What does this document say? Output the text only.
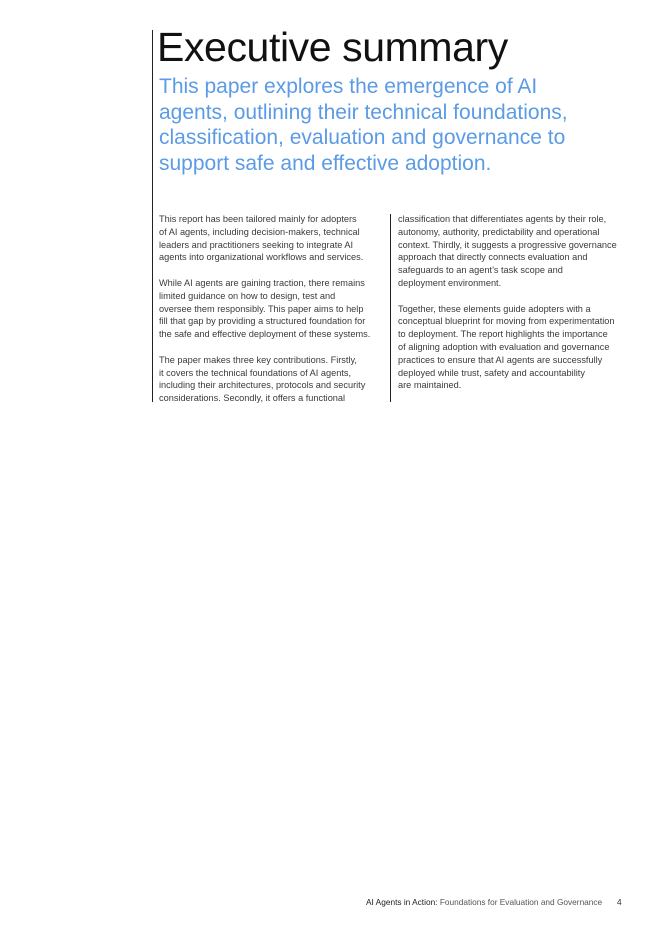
Executive summary
This paper explores the emergence of AI
agents, outlining their technical foundations,
classification, evaluation and governance to
support safe and effective adoption.

This report has been tailored mainly for adopters
of AI agents, including decision-makers, technical
leaders and practitioners seeking to integrate AI
agents into organizational workflows and services.

While AI agents are gaining traction, there remains
limited guidance on how to design, test and
oversee them responsibly. This paper aims to help
fill that gap by providing a structured foundation for
the safe and effective deployment of these systems.

The paper makes three key contributions. Firstly,
it covers the technical foundations of AI agents,
including their architectures, protocols and security
considerations. Secondly, it offers a functional

classification that differentiates agents by their role,
autonomy, authority, predictability and operational
context. Thirdly, it suggests a progressive governance
approach that directly connects evaluation and
safeguards to an agent’s task scope and
deployment environment.

Together, these elements guide adopters with a
conceptual blueprint for moving from experimentation
to deployment. The report highlights the importance
of aligning adoption with evaluation and governance
practices to ensure that AI agents are successfully
deployed while trust, safety and accountability
are maintained.

AI Agents in Action: Foundations for Evaluation and Governance 4
